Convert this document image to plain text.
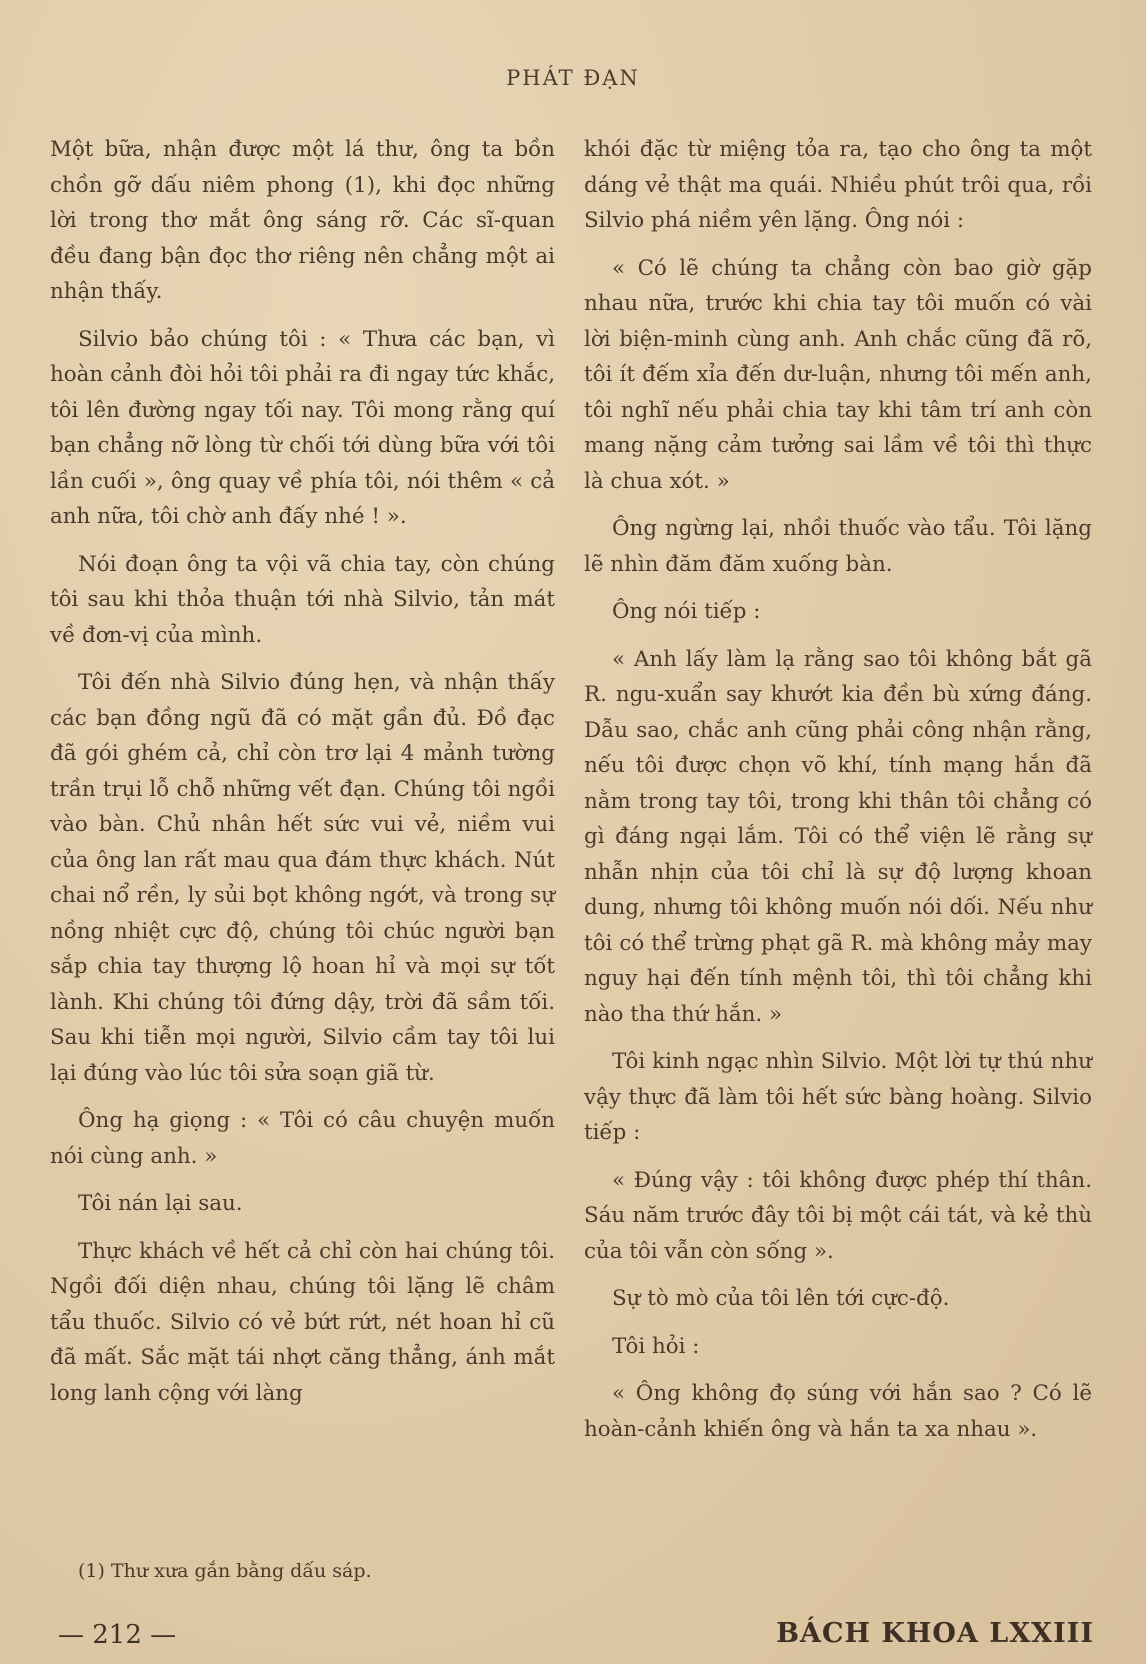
PHÁT ĐẠN

Một bữa, nhận được một lá thư, ông ta bồn chồn gỡ dấu niêm phong (1), khi đọc những lời trong thơ mắt ông sáng rỡ. Các sĩ-quan đều đang bận đọc thơ riêng nên chẳng một ai nhận thấy.

Silvio bảo chúng tôi : « Thưa các bạn, vì hoàn cảnh đòi hỏi tôi phải ra đi ngay tức khắc, tôi lên đường ngay tối nay. Tôi mong rằng quí bạn chẳng nỡ lòng từ chối tới dùng bữa với tôi lần cuối », ông quay về phía tôi, nói thêm « cả anh nữa, tôi chờ anh đấy nhé ! ».

Nói đoạn ông ta vội vã chia tay, còn chúng tôi sau khi thỏa thuận tới nhà Silvio, tản mát về đơn-vị của mình.

Tôi đến nhà Silvio đúng hẹn, và nhận thấy các bạn đồng ngũ đã có mặt gần đủ. Đồ đạc đã gói ghém cả, chỉ còn trơ lại 4 mảnh tường trần trụi lỗ chỗ những vết đạn. Chúng tôi ngồi vào bàn. Chủ nhân hết sức vui vẻ, niềm vui của ông lan rất mau qua đám thực khách. Nút chai nổ rền, ly sủi bọt không ngớt, và trong sự nồng nhiệt cực độ, chúng tôi chúc người bạn sắp chia tay thượng lộ hoan hỉ và mọi sự tốt lành. Khi chúng tôi đứng dậy, trời đã sầm tối. Sau khi tiễn mọi người, Silvio cầm tay tôi lui lại đúng vào lúc tôi sửa soạn giã từ.

Ông hạ giọng : « Tôi có câu chuyện muốn nói cùng anh. »

Tôi nán lại sau.

Thực khách về hết cả chỉ còn hai chúng tôi. Ngồi đối diện nhau, chúng tôi lặng lẽ châm tẩu thuốc. Silvio có vẻ bứt rứt, nét hoan hỉ cũ đã mất. Sắc mặt tái nhợt căng thẳng, ánh mắt long lanh cộng với làng

khói đặc từ miệng tỏa ra, tạo cho ông ta một dáng vẻ thật ma quái. Nhiều phút trôi qua, rồi Silvio phá niềm yên lặng. Ông nói :

« Có lẽ chúng ta chẳng còn bao giờ gặp nhau nữa, trước khi chia tay tôi muốn có vài lời biện-minh cùng anh. Anh chắc cũng đã rõ, tôi ít đếm xỉa đến dư-luận, nhưng tôi mến anh, tôi nghĩ nếu phải chia tay khi tâm trí anh còn mang nặng cảm tưởng sai lầm về tôi thì thực là chua xót. »

Ông ngừng lại, nhồi thuốc vào tẩu. Tôi lặng lẽ nhìn đăm đăm xuống bàn.

Ông nói tiếp :

« Anh lấy làm lạ rằng sao tôi không bắt gã R. ngu-xuẩn say khướt kia đền bù xứng đáng. Dẫu sao, chắc anh cũng phải công nhận rằng, nếu tôi được chọn võ khí, tính mạng hắn đã nằm trong tay tôi, trong khi thân tôi chẳng có gì đáng ngại lắm. Tôi có thể viện lẽ rằng sự nhẫn nhịn của tôi chỉ là sự độ lượng khoan dung, nhưng tôi không muốn nói dối. Nếu như tôi có thể trừng phạt gã R. mà không mảy may nguy hại đến tính mệnh tôi, thì tôi chẳng khi nào tha thứ hắn. »

Tôi kinh ngạc nhìn Silvio. Một lời tự thú như vậy thực đã làm tôi hết sức bàng hoàng. Silvio tiếp :

« Đúng vậy : tôi không được phép thí thân. Sáu năm trước đây tôi bị một cái tát, và kẻ thù của tôi vẫn còn sống ».

Sự tò mò của tôi lên tới cực-độ.

Tôi hỏi :

« Ông không đọ súng với hắn sao ? Có lẽ hoàn-cảnh khiến ông và hắn ta xa nhau ».

(1) Thư xưa gắn bằng dấu sáp.
— 212 —	BÁCH KHOA LXXIII
